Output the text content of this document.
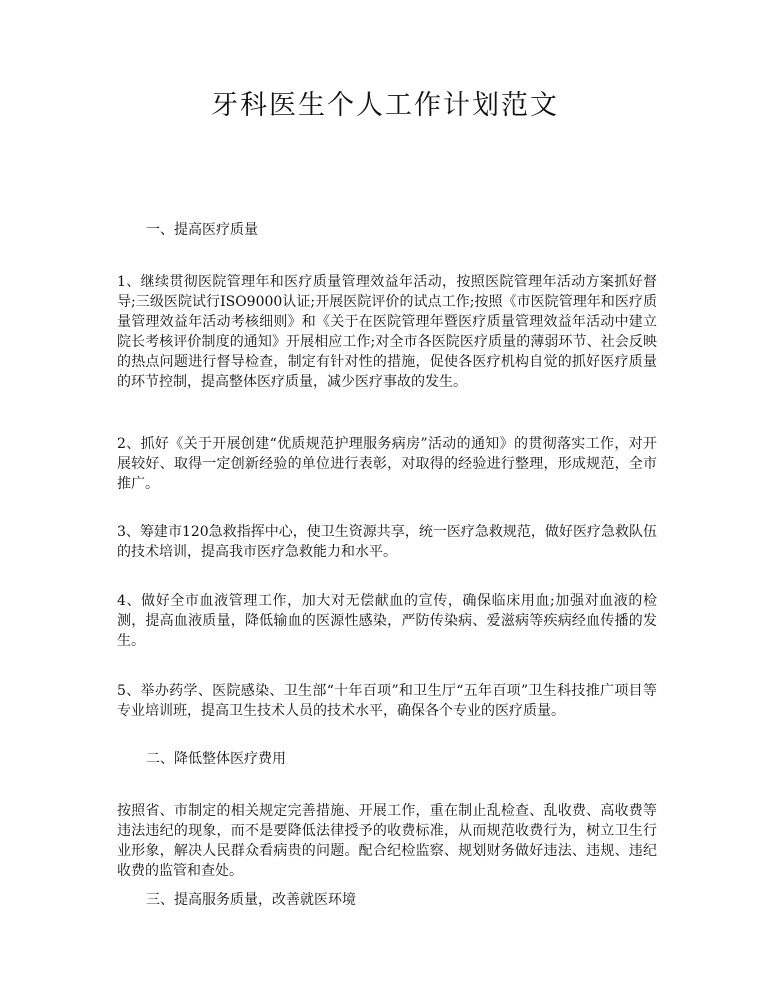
牙科医生个人工作计划范文

一、提高医疗质量

1、继续贯彻医院管理年和医疗质量管理效益年活动，按照医院管理年活动方案抓好督导;三级医院试行ISO9000认证;开展医院评价的试点工作;按照《市医院管理年和医疗质量管理效益年活动考核细则》和《关于在医院管理年暨医疗质量管理效益年活动中建立院长考核评价制度的通知》开展相应工作;对全市各医院医疗质量的薄弱环节、社会反映的热点问题进行督导检查，制定有针对性的措施，促使各医疗机构自觉的抓好医疗质量的环节控制，提高整体医疗质量，减少医疗事故的发生。

2、抓好《关于开展创建“优质规范护理服务病房”活动的通知》的贯彻落实工作，对开展较好、取得一定创新经验的单位进行表彰，对取得的经验进行整理，形成规范，全市推广。

3、筹建市120急救指挥中心，使卫生资源共享，统一医疗急救规范，做好医疗急救队伍的技术培训，提高我市医疗急救能力和水平。

4、做好全市血液管理工作，加大对无偿献血的宣传，确保临床用血;加强对血液的检测，提高血液质量，降低输血的医源性感染，严防传染病、爱滋病等疾病经血传播的发生。

5、举办药学、医院感染、卫生部“十年百项”和卫生厅“五年百项”卫生科技推广项目等专业培训班，提高卫生技术人员的技术水平，确保各个专业的医疗质量。

二、降低整体医疗费用

按照省、市制定的相关规定完善措施、开展工作，重在制止乱检查、乱收费、高收费等违法违纪的现象，而不是要降低法律授予的收费标准，从而规范收费行为，树立卫生行业形象，解决人民群众看病贵的问题。配合纪检监察、规划财务做好违法、违规、违纪收费的监管和查处。

三、提高服务质量，改善就医环境
